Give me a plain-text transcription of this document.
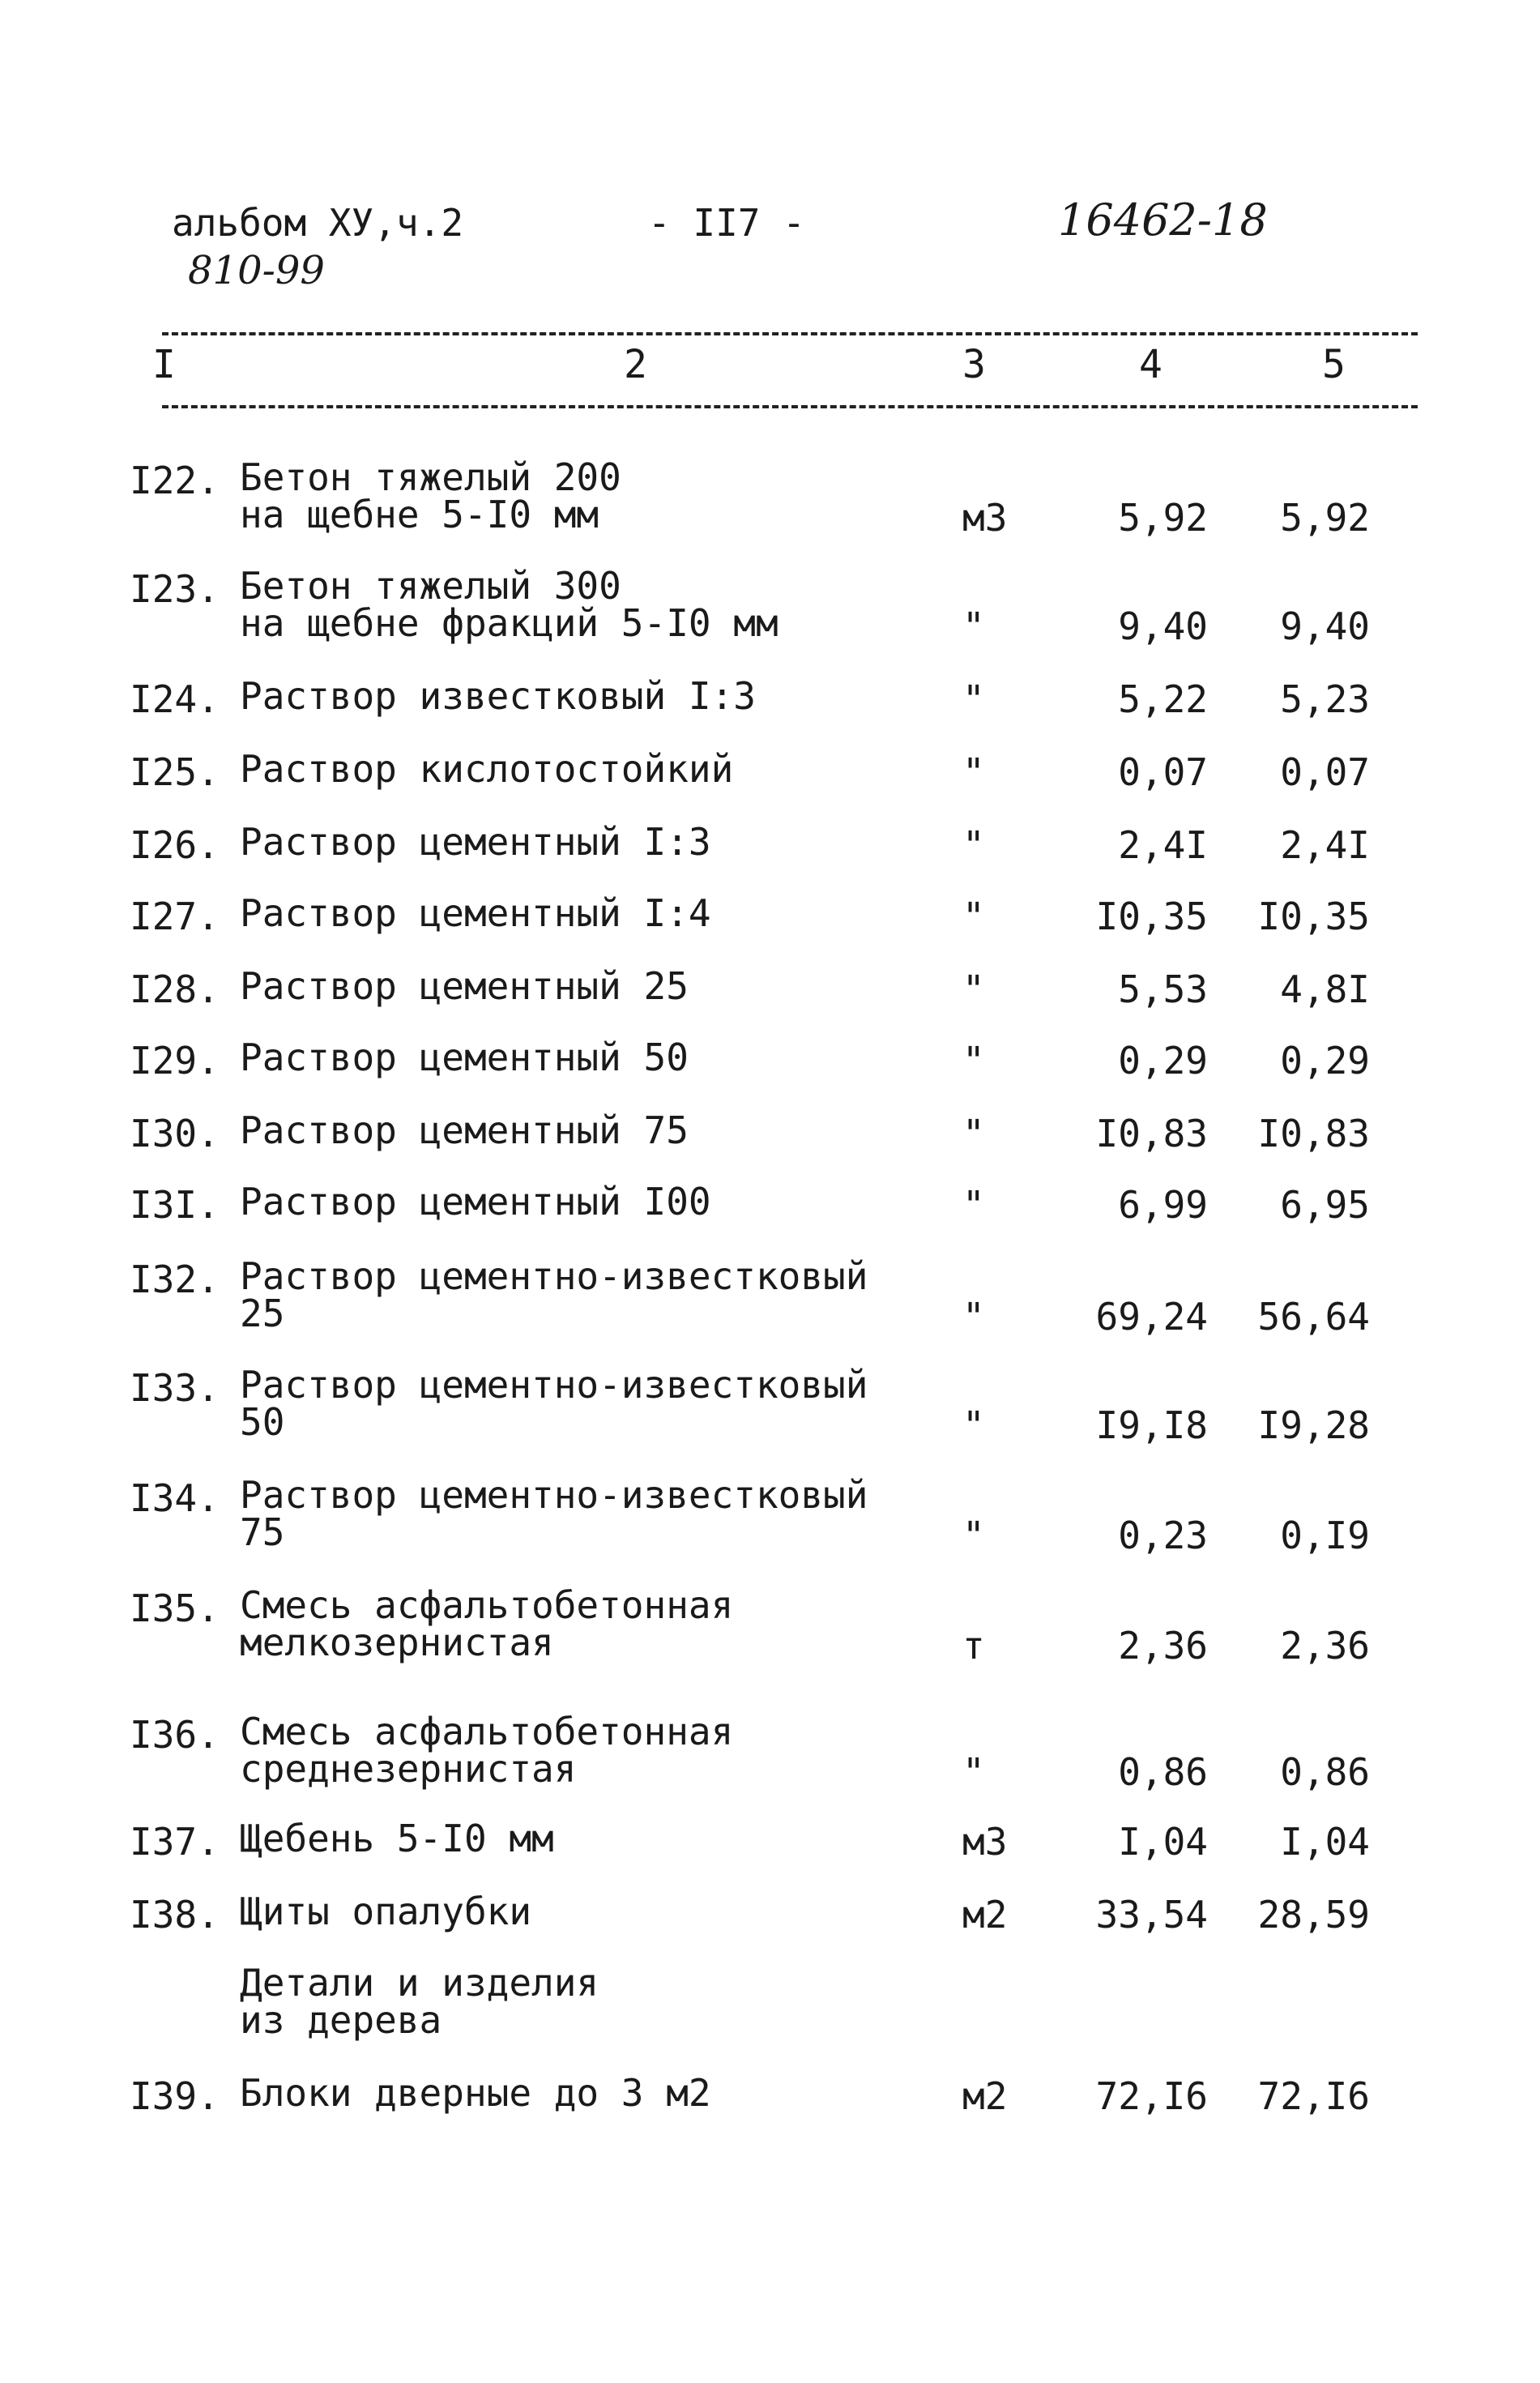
альбом ХУ,ч.2	- II7 -	16462-18
810-99
I	2	3	4	5
I22. Бетон тяжелый 200
на щебне 5-I0 мм	м3	5,92 5,92
I23. Бетон тяжелый 300
на щебне фракций 5-I0 мм	"	9,40 9,40
I24. Раствор известковый I:3	"	5,22 5,23
I25. Раствор кислотостойкий	"	0,07 0,07
I26. Раствор цементный I:3	"	2,4I 2,4I
I27. Раствор цементный I:4	"	I0,35 I0,35
I28. Раствор цементный 25	"	5,53 4,8I
I29. Раствор цементный 50	"	0,29 0,29
I30. Раствор цементный 75	"	I0,83 I0,83
I3I. Раствор цементный I00	"	6,99 6,95
I32. Раствор цементно-известковый
25	"	69,24 56,64
I33. Раствор цементно-известковый
50	"	I9,I8 I9,28
I34. Раствор цементно-известковый
75	"	0,23 0,I9
I35. Смесь асфальтобетонная
мелкозернистая	т	2,36 2,36
I36. Смесь асфальтобетонная
среднезернистая	"	0,86 0,86
I37. Щебень 5-I0 мм	м3	I,04 I,04
I38. Щиты опалубки	м2 33,54 28,59
Детали и изделия
из дерева
I39. Блоки дверные до 3 м2	м2 72,I6 72,I6
